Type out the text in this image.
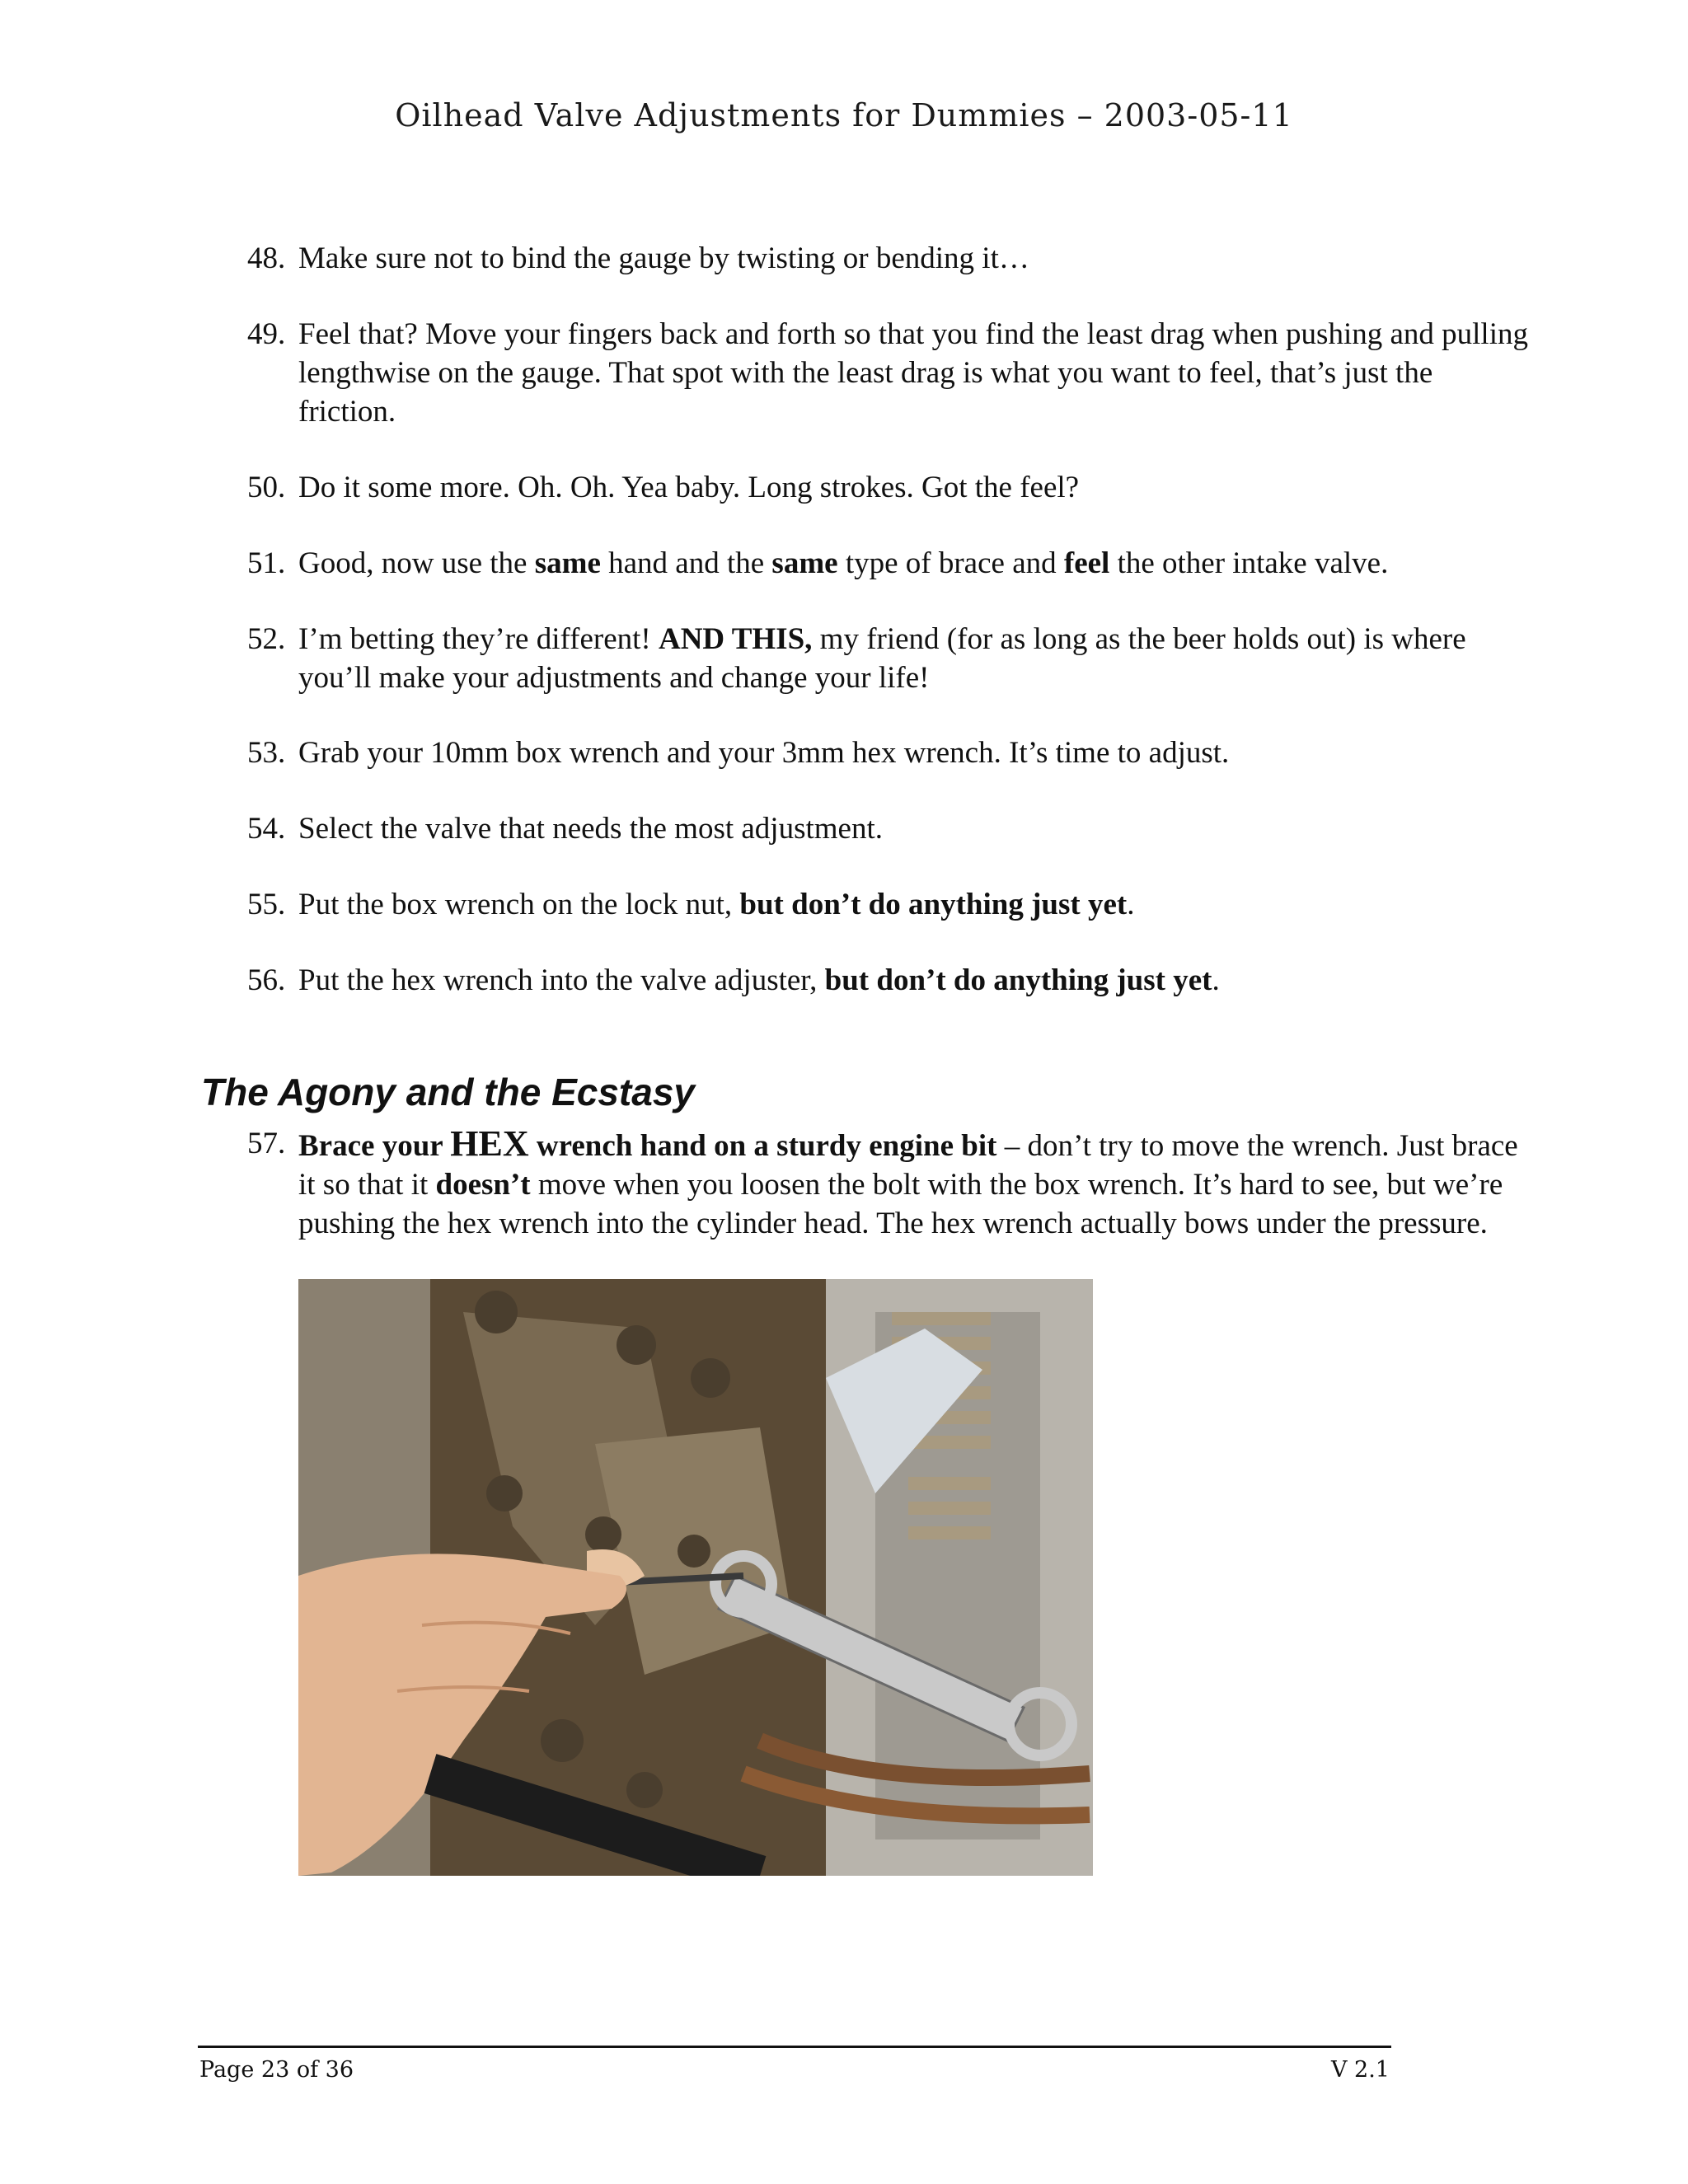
Oilhead Valve Adjustments for Dummies – 2003-05-11
48. Make sure not to bind the gauge by twisting or bending it…
49. Feel that? Move your fingers back and forth so that you find the least drag when pushing and pulling lengthwise on the gauge. That spot with the least drag is what you want to feel, that’s just the friction.
50. Do it some more. Oh. Oh. Yea baby. Long strokes. Got the feel?
51. Good, now use the same hand and the same type of brace and feel the other intake valve.
52. I’m betting they’re different! AND THIS, my friend (for as long as the beer holds out) is where you’ll make your adjustments and change your life!
53. Grab your 10mm box wrench and your 3mm hex wrench. It’s time to adjust.
54. Select the valve that needs the most adjustment.
55. Put the box wrench on the lock nut, but don’t do anything just yet.
56. Put the hex wrench into the valve adjuster, but don’t do anything just yet.
The Agony and the Ecstasy
57. Brace your HEX wrench hand on a sturdy engine bit – don’t try to move the wrench. Just brace it so that it doesn’t move when you loosen the bolt with the box wrench. It’s hard to see, but we’re pushing the hex wrench into the cylinder head. The hex wrench actually bows under the pressure.
Page 23 of 36	V 2.1
